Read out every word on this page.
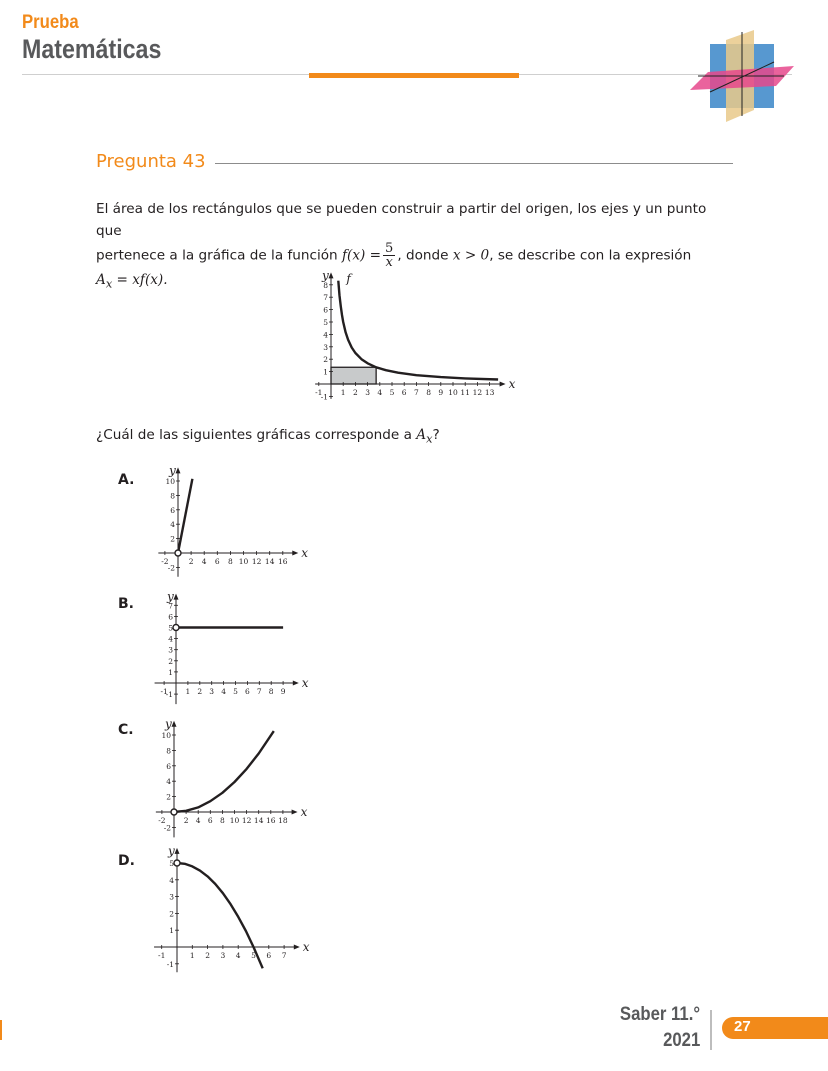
Prueba
Matemáticas
Pregunta 43
El área de los rectángulos que se pueden construir a partir del origen, los ejes y un punto que
pertenece a la gráfica de la función $f(x) = \frac{5}{x}$ , donde x > 0, se describe con la expresión
$A_x = xf(x)$.
¿Cuál de las siguientes gráficas corresponde a $A_x$?
A.
B.
C.
D.
x
y
-1 1 2 3 4 5 6 7 8 9 10 11 12 13
-1
1
2
3
4
5
6
7
8 f
x
y
-2	2 4 6 8 10 12 14 16
-2
2
4
6
8
10
x
y
-1 1 2 3 4 5 6 7 8 9
-1
1
2
3
4
5
6
7
x
y
-2 2 4 6 8 10 12 14 16 18
-2
2
4
6
8
10
x
y
-1	1 2 3 4 5 6 7
-1
1
2
3
4
5
Saber 11.°
2021
27
